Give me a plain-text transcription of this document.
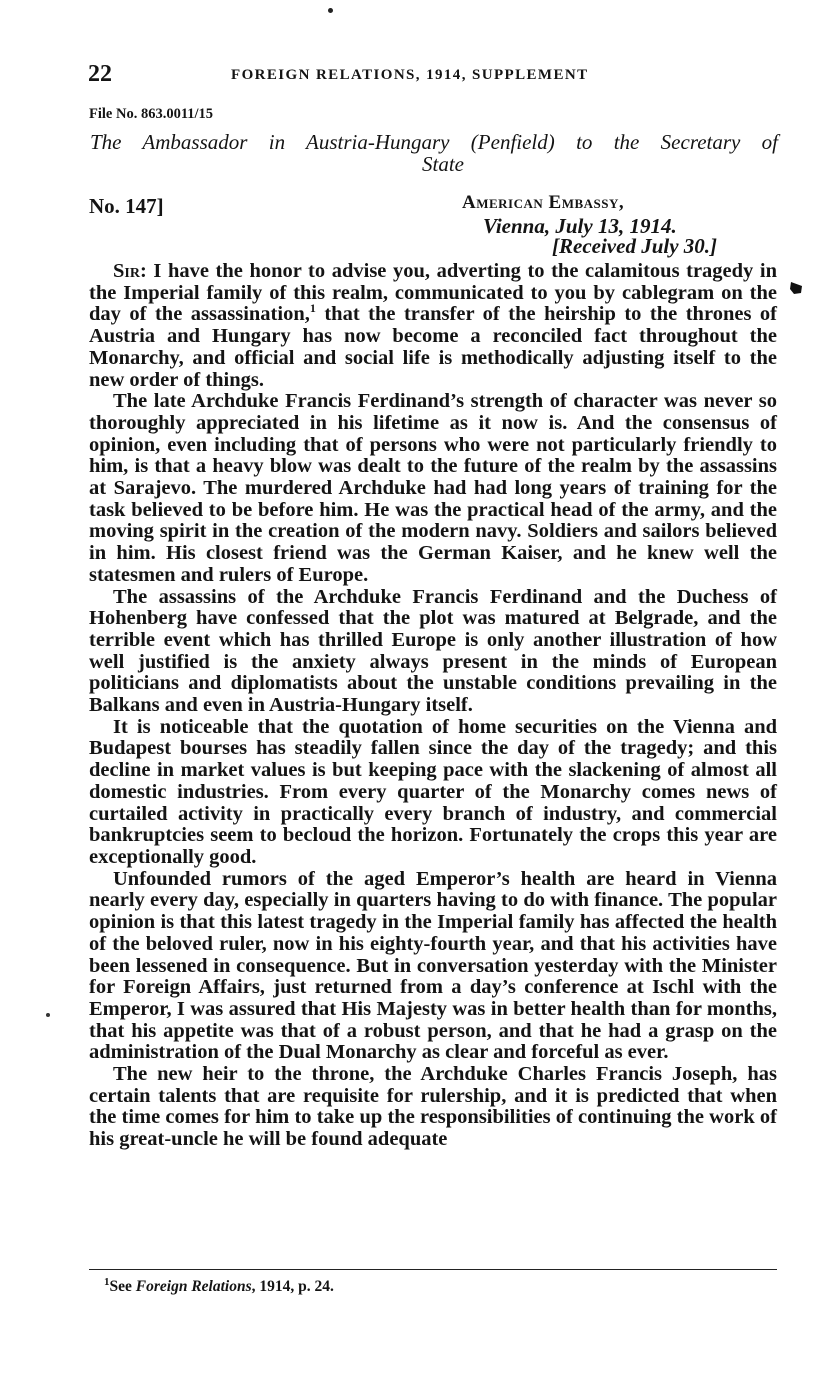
22	FOREIGN RELATIONS, 1914, SUPPLEMENT
File No. 863.0011/15
The Ambassador in Austria-Hungary (Penfield) to the Secretary of
State
No. 147]	American Embassy,
Vienna, July 13, 1914.
[Received July 30.]

Sir: I have the honor to advise you, adverting to the calamitous tragedy in the Imperial family of this realm, communicated to you by cablegram on the day of the assassination,$^1$ that the transfer of the heirship to the thrones of Austria and Hungary has now become a reconciled fact throughout the Monarchy, and official and social life is methodically adjusting itself to the new order of things.

The late Archduke Francis Ferdinand’s strength of character was never so thoroughly appreciated in his lifetime as it now is. And the consensus of opinion, even including that of persons who were not particularly friendly to him, is that a heavy blow was dealt to the future of the realm by the assassins at Sarajevo. The murdered Archduke had had long years of training for the task believed to be before him. He was the practical head of the army, and the moving spirit in the creation of the modern navy. Soldiers and sailors believed in him. His closest friend was the German Kaiser, and he knew well the statesmen and rulers of Europe.

The assassins of the Archduke Francis Ferdinand and the Duchess of Hohenberg have confessed that the plot was matured at Belgrade, and the terrible event which has thrilled Europe is only another illustration of how well justified is the anxiety always present in the minds of European politicians and diplomatists about the unstable conditions prevailing in the Balkans and even in Austria-Hungary itself.

It is noticeable that the quotation of home securities on the Vienna and Budapest bourses has steadily fallen since the day of the tragedy; and this decline in market values is but keeping pace with the slackening of almost all domestic industries. From every quarter of the Monarchy comes news of curtailed activity in practically every branch of industry, and commercial bankruptcies seem to becloud the horizon. Fortunately the crops this year are exceptionally good.

Unfounded rumors of the aged Emperor’s health are heard in Vienna nearly every day, especially in quarters having to do with finance. The popular opinion is that this latest tragedy in the Imperial family has affected the health of the beloved ruler, now in his eighty-fourth year, and that his activities have been lessened in consequence. But in conversation yesterday with the Minister for Foreign Affairs, just returned from a day’s conference at Ischl with the Emperor, I was assured that His Majesty was in better health than for months, that his appetite was that of a robust person, and that he had a grasp on the administration of the Dual Monarchy as clear and forceful as ever.

The new heir to the throne, the Archduke Charles Francis Joseph, has certain talents that are requisite for rulership, and it is predicted that when the time comes for him to take up the responsibilities of continuing the work of his great-uncle he will be found adequate

$^1$See Foreign Relations, 1914, p. 24.
